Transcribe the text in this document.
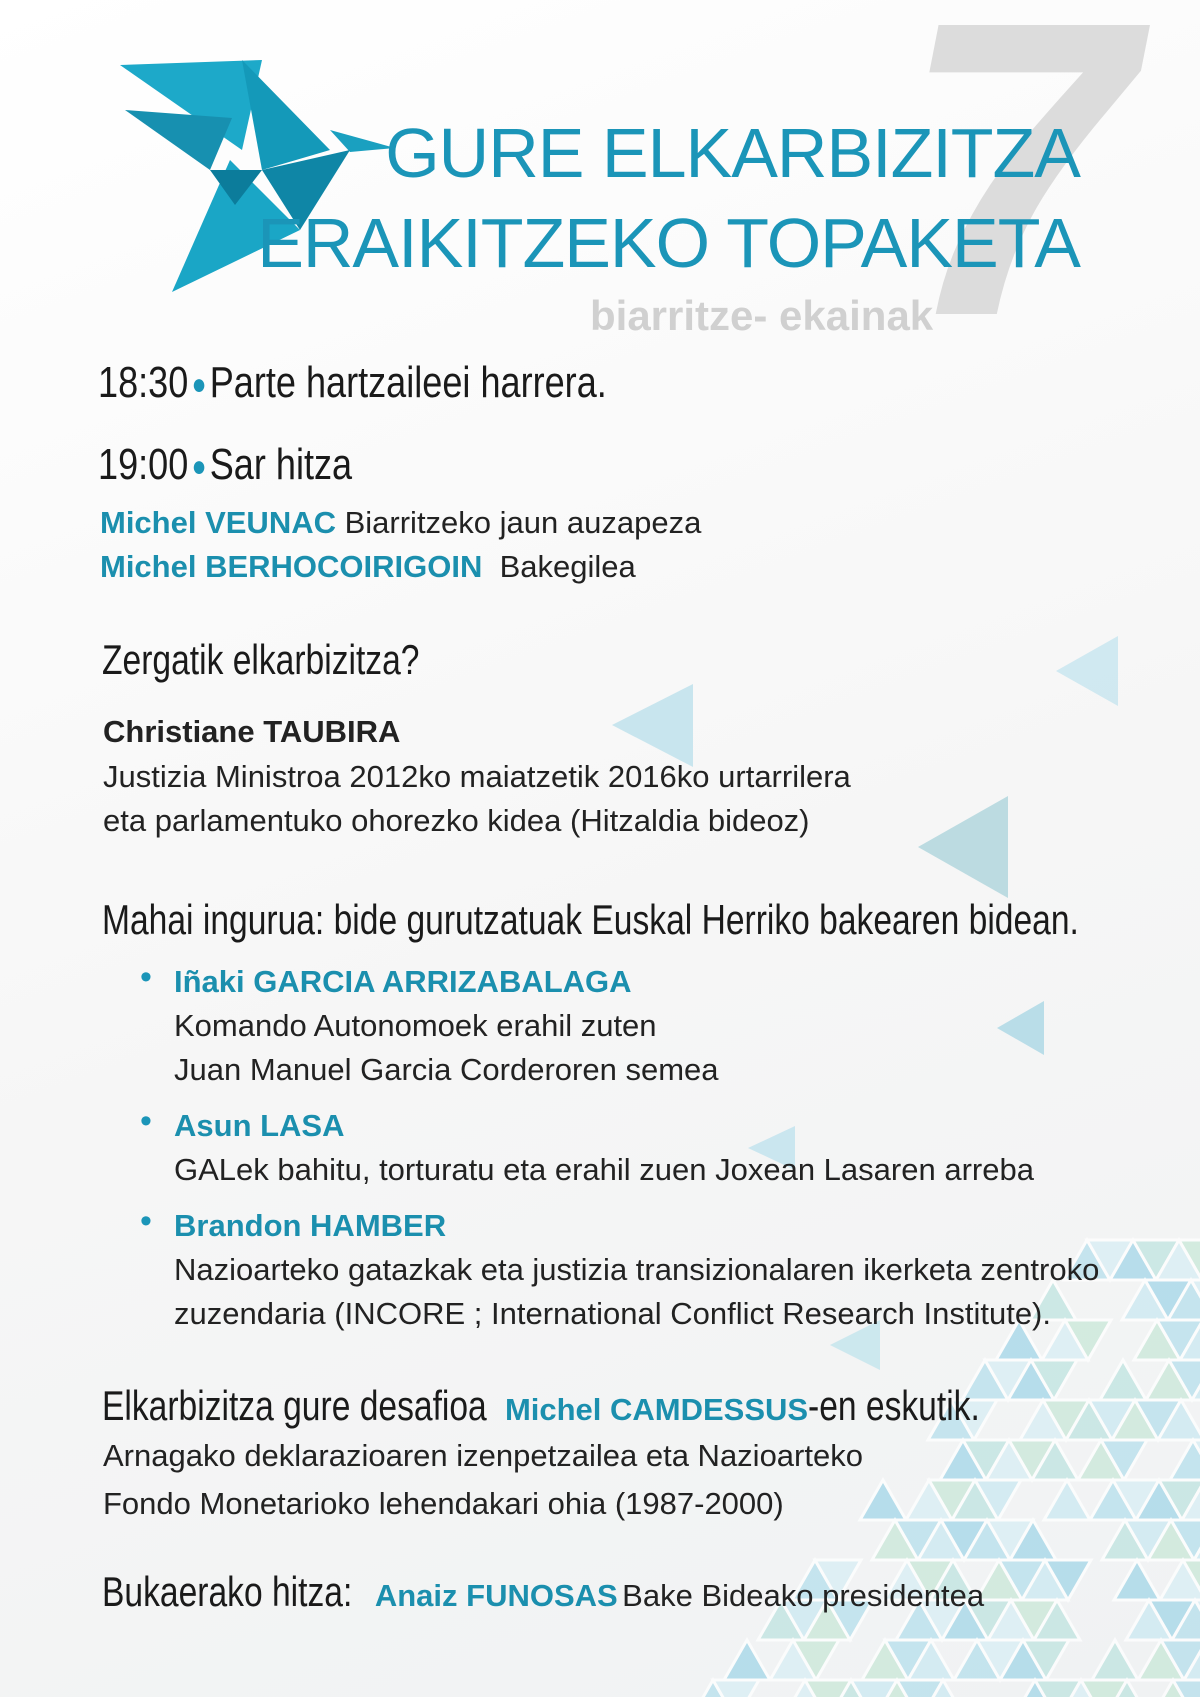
7
GURE ELKARBIZITZA
ERAIKITZEKO TOPAKETA
biarritze- ekainak
18:30 ●Parte hartzaileei harrera.
19:00 ●Sar hitza
Michel VEUNAC Biarritzeko jaun auzapeza
Michel BERHOCOIRIGOIN Bakegilea
Zergatik elkarbizitza?
Christiane TAUBIRA
Justizia Ministroa 2012ko maiatzetik 2016ko urtarrilera
eta parlamentuko ohorezko kidea (Hitzaldia bideoz)
Mahai ingurua: bide gurutzatuak Euskal Herriko bakearen bidean.
• Iñaki GARCIA ARRIZABALAGA
Komando Autonomoek erahil zuten
Juan Manuel Garcia Corderoren semea
• Asun LASA
GALek bahitu, torturatu eta erahil zuen Joxean Lasaren arreba
• Brandon HAMBER
Nazioarteko gatazkak eta justizia transizionalaren ikerketa zentroko
zuzendaria (INCORE ; International Conflict Research Institute).
Elkarbizitza gure desafioa Michel CAMDESSUS-en eskutik.
Arnagako deklarazioaren izenpetzailea eta Nazioarteko
Fondo Monetarioko lehendakari ohia (1987-2000)
Bukaerako hitza: Anaiz FUNOSAS Bake Bideako presidentea
